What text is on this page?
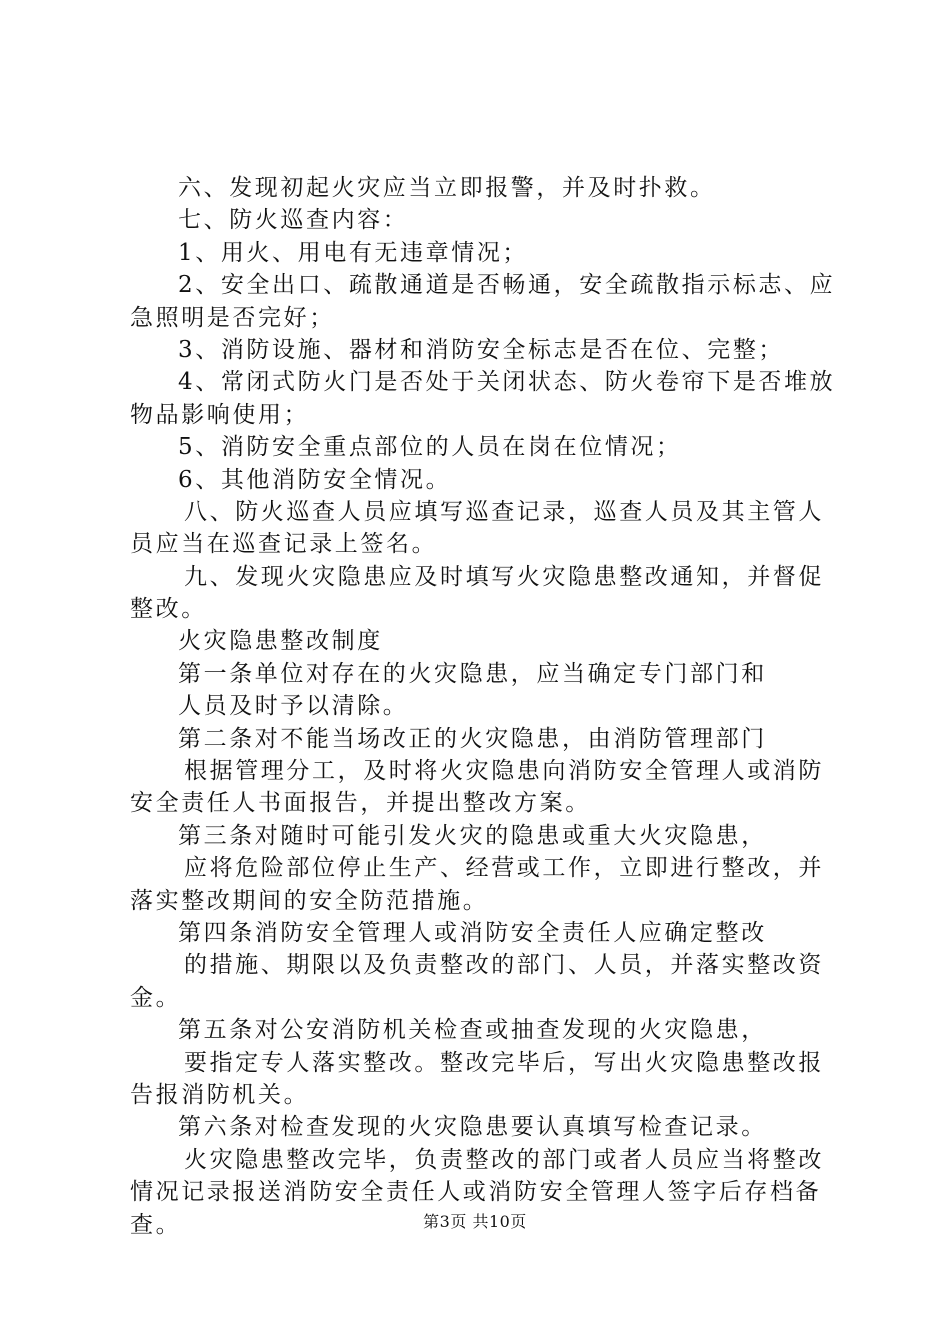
六、发现初起火灾应当立即报警，并及时扑救。

七、防火巡查内容：

1、用火、用电有无违章情况；

2、安全出口、疏散通道是否畅通，安全疏散指示标志、应

急照明是否完好；

3、消防设施、器材和消防安全标志是否在位、完整；

4、常闭式防火门是否处于关闭状态、防火卷帘下是否堆放

物品影响使用；

5、消防安全重点部位的人员在岗在位情况；

6、其他消防安全情况。

八、防火巡查人员应填写巡查记录，巡查人员及其主管人

员应当在巡查记录上签名。

九、发现火灾隐患应及时填写火灾隐患整改通知，并督促

整改。

火灾隐患整改制度

第一条单位对存在的火灾隐患，应当确定专门部门和

人员及时予以清除。

第二条对不能当场改正的火灾隐患，由消防管理部门

根据管理分工，及时将火灾隐患向消防安全管理人或消防

安全责任人书面报告，并提出整改方案。

第三条对随时可能引发火灾的隐患或重大火灾隐患，

应将危险部位停止生产、经营或工作，立即进行整改，并

落实整改期间的安全防范措施。

第四条消防安全管理人或消防安全责任人应确定整改

的措施、期限以及负责整改的部门、人员，并落实整改资

金。

第五条对公安消防机关检查或抽查发现的火灾隐患，

要指定专人落实整改。整改完毕后，写出火灾隐患整改报

告报消防机关。

第六条对检查发现的火灾隐患要认真填写检查记录。

火灾隐患整改完毕，负责整改的部门或者人员应当将整改

情况记录报送消防安全责任人或消防安全管理人签字后存档备

查。	第3页 共10页
